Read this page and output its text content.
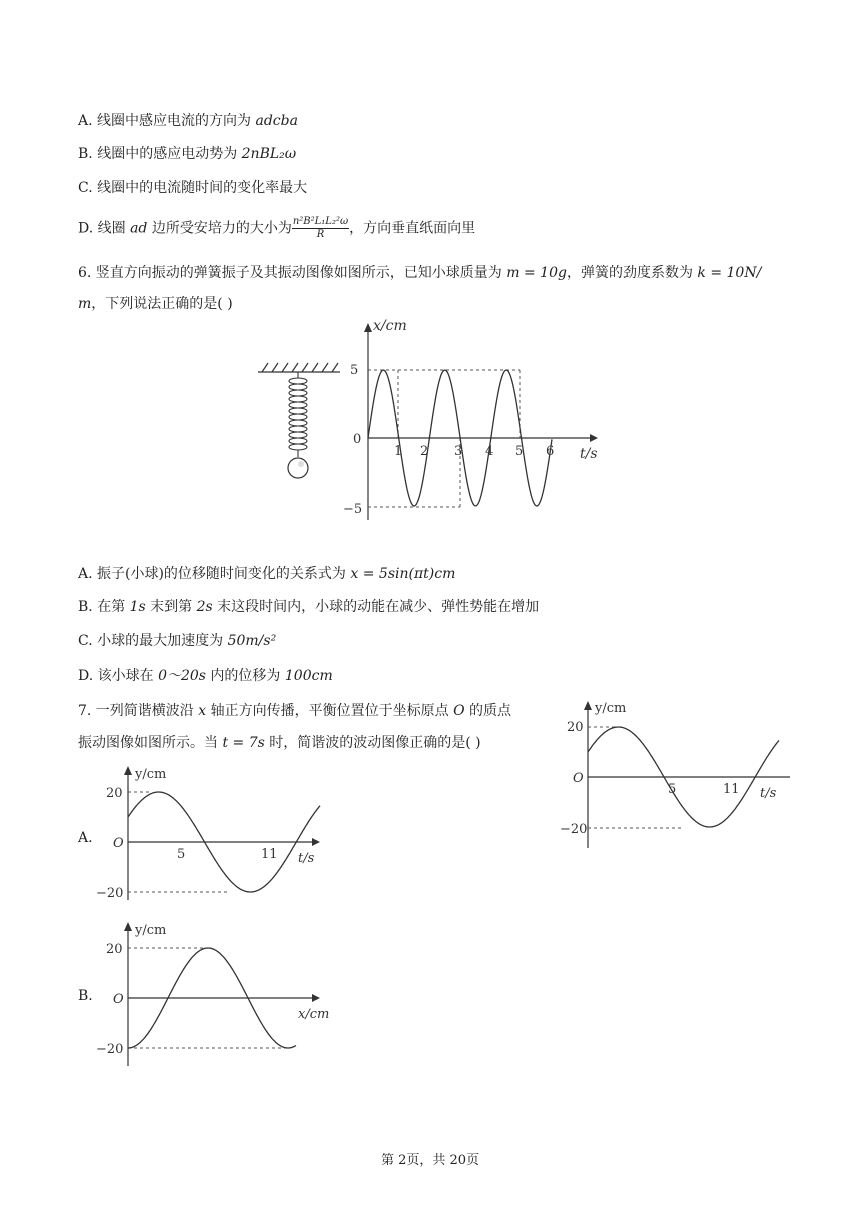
A. 线圈中感应电流的方向为 adcba
B. 线圈中的感应电动势为 2nBL₂ω
C. 线圈中的电流随时间的变化率最大
D. 线圈 ad 边所受安培力的大小为 $\frac{\text{n²B²L₁L₂²ω}}{R}$ ，方向垂直纸面向里
6. 竖直方向振动的弹簧振子及其振动图像如图所示，已知小球质量为 m = 10g，弹簧的劲度系数为 k = 10N/
m，下列说法正确的是( )
x/cm
t/s
5
0
−5
1 2 3 4 5 6
A. 振子(小球)的位移随时间变化的关系式为 x = 5sin(πt)cm
B. 在第 1s 末到第 2s 末这段时间内，小球的动能在减少、弹性势能在增加
C. 小球的最大加速度为 50m/s²
D. 该小球在 0～20s 内的位移为 100cm
7. 一列简谐横波沿 x 轴正方向传播，平衡位置位于坐标原点 O 的质点
振动图像如图所示。当 t = 7s 时，简谐波的波动图像正确的是( )
y/cm
t/s
20
O
−20
5	11
A.
y/cm
t/s
20
O
−20
5	11
B.
y/cm
x/cm
20
O
−20
第 2页，共 20页
